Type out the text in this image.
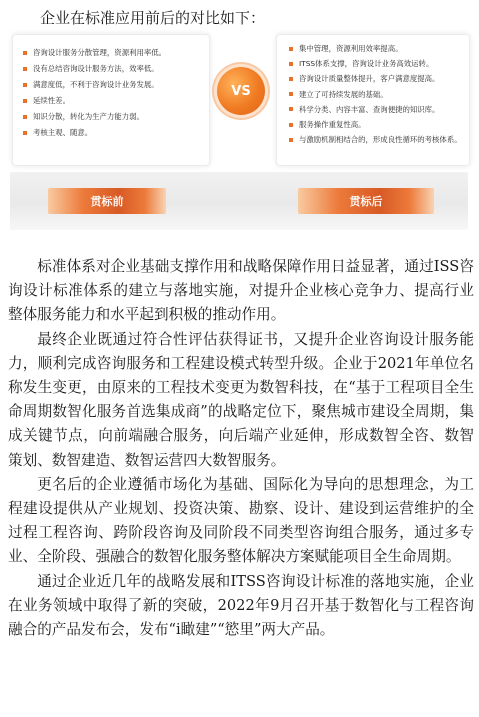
企业在标准应用前后的对比如下：
咨询设计服务分散管理，资源利用率低。
没有总结咨询设计服务方法，效率低。
满意度低，不利于咨询设计业务发展。
延续性差。
知识分散，转化为生产力能力弱。
考核主观、随意。
VS
集中管理，资源利用效率提高。
ITSS体系支撑，咨询设计业务高效运转。
咨询设计质量整体提升，客户满意度提高。
建立了可持续发展的基础。
科学分类、内容丰富、查询便捷的知识库。
服务操作重复性高。
与激励机制相结合的，形成良性循环的考核体系。
贯标前	贯标后

标准体系对企业基础支撑作用和战略保障作用日益显著，通过ISS咨询设计标准体系的建立与落地实施，对提升企业核心竞争力、提高行业整体服务能力和水平起到积极的推动作用。

最终企业既通过符合性评估获得证书，又提升企业咨询设计服务能力，顺利完成咨询服务和工程建设模式转型升级。企业于2021年单位名称发生变更，由原来的工程技术变更为数智科技，在“基于工程项目全生命周期数智化服务首选集成商”的战略定位下，聚焦城市建设全周期，集成关键节点，向前端融合服务，向后端产业延伸，形成数智全咨、数智策划、数智建造、数智运营四大数智服务。

更名后的企业遵循市场化为基础、国际化为导向的思想理念，为工程建设提供从产业规划、投资决策、勘察、设计、建设到运营维护的全过程工程咨询、跨阶段咨询及同阶段不同类型咨询组合服务，通过多专业、全阶段、强融合的数智化服务整体解决方案赋能项目全生命周期。

通过企业近几年的战略发展和ITSS咨询设计标准的落地实施，企业在业务领域中取得了新的突破，2022年9月召开基于数智化与工程咨询融合的产品发布会，发布“i瞰建”“慾里”两大产品。
